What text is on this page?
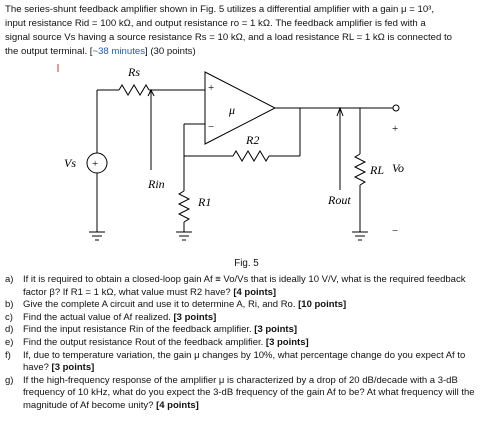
The series-shunt feedback amplifier shown in Fig. 5 utilizes a differential amplifier with a gain μ = 10³,
input resistance Rid = 100 kΩ, and output resistance ro = 1 kΩ. The feedback amplifier is fed with a
signal source Vs having a source resistance Rs = 10 kΩ, and a load resistance RL = 1 kΩ is connected to
the output terminal. [~38 minutes] (30 points)
Rs
μ
R2
Rin
R1
Vs
Rout
RL Vo
+
−
+
+
−
Fig. 5
a) If it is required to obtain a closed-loop gain Af ≡ Vo/Vs that is ideally 10 V/V, what is the required feedback factor β? If R1 = 1 kΩ, what value must R2 have? [4 points]
b) Give the complete A circuit and use it to determine A, Ri, and Ro. [10 points]
c) Find the actual value of Af realized. [3 points]
d) Find the input resistance Rin of the feedback amplifier. [3 points]
e) Find the output resistance Rout of the feedback amplifier. [3 points]
f) If, due to temperature variation, the gain μ changes by 10%, what percentage change do you expect Af to have? [3 points]
g) If the high-frequency response of the amplifier μ is characterized by a drop of 20 dB/decade with a 3-dB frequency of 10 kHz, what do you expect the 3-dB frequency of the gain Af to be? At what frequency will the magnitude of Af become unity? [4 points]
